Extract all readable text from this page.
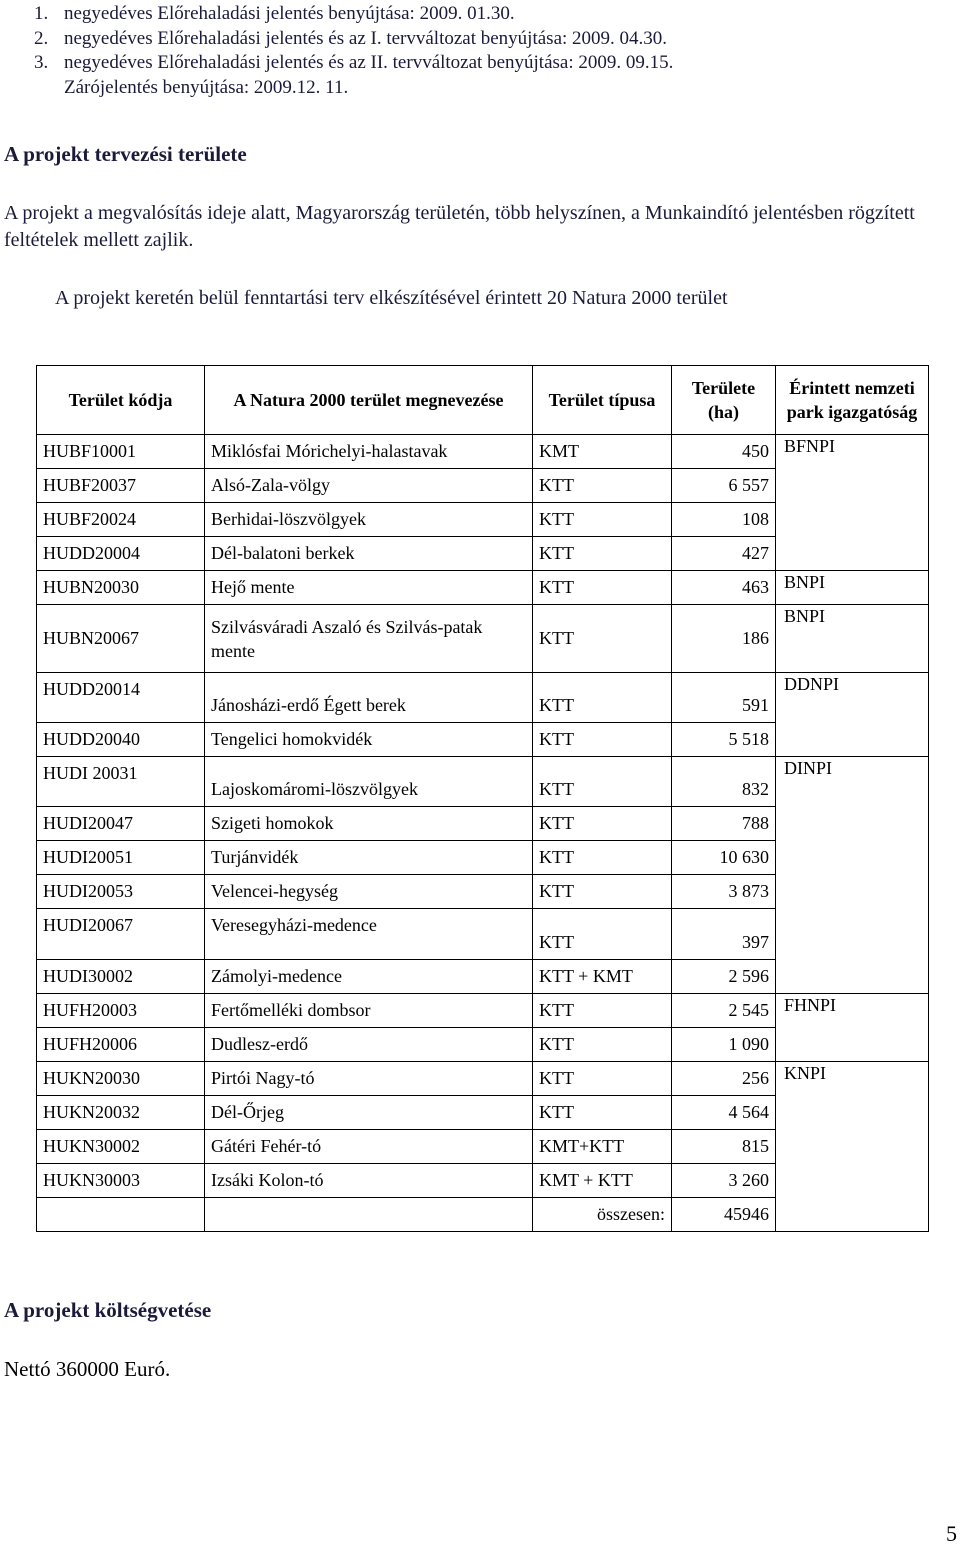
1. negyedéves Előrehaladási jelentés benyújtása: 2009. 01.30.
2. negyedéves Előrehaladási jelentés és az I. tervváltozat benyújtása: 2009. 04.30.
3. negyedéves Előrehaladási jelentés és az II. tervváltozat benyújtása: 2009. 09.15.
Zárójelentés benyújtása: 2009.12. 11.
A projekt tervezési területe
A projekt a megvalósítás ideje alatt, Magyarország területén, több helyszínen, a Munkaindító jelentésben rögzített feltételek mellett zajlik.
A projekt keretén belül fenntartási terv elkészítésével érintett 20 Natura 2000 terület
Terület kódja	A Natura 2000 terület megnevezése	Terület típusa	Területe (ha)	Érintett nemzeti park igazgatóság
HUBF10001	Miklósfai Mórichelyi-halastavak	KMT	450	BFNPI
HUBF20037	Alsó-Zala-völgy	KTT	6 557	
HUBF20024	Berhidai-löszvölgyek	KTT	108	
HUDD20004	Dél-balatoni berkek	KTT	427	
HUBN20030	Hejő mente	KTT	463	BNPI
HUBN20067	Szilvásváradi Aszaló és Szilvás-patak mente	KTT	186	BNPI
HUDD20014	Jánosházi-erdő Égett berek	KTT	591	DDNPI
HUDD20040	Tengelici homokvidék	KTT	5 518	
HUDI 20031	Lajoskomáromi-löszvölgyek	KTT	832	DINPI
HUDI20047	Szigeti homokok	KTT	788	
HUDI20051	Turjánvidék	KTT	10 630	
HUDI20053	Velencei-hegység	KTT	3 873	
HUDI20067	Veresegyházi-medence	KTT	397	
HUDI30002	Zámolyi-medence	KTT + KMT	2 596	
HUFH20003	Fertőmelléki dombsor	KTT	2 545	FHNPI
HUFH20006	Dudlesz-erdő	KTT	1 090	
HUKN20030	Pirtói Nagy-tó	KTT	256	KNPI
HUKN20032	Dél-Őrjeg	KTT	4 564	
HUKN30002	Gátéri Fehér-tó	KMT+KTT	815	
HUKN30003	Izsáki Kolon-tó	KMT + KTT	3 260	
		összesen:	45946	
A projekt költségvetése
Nettó 360000 Euró.
5
